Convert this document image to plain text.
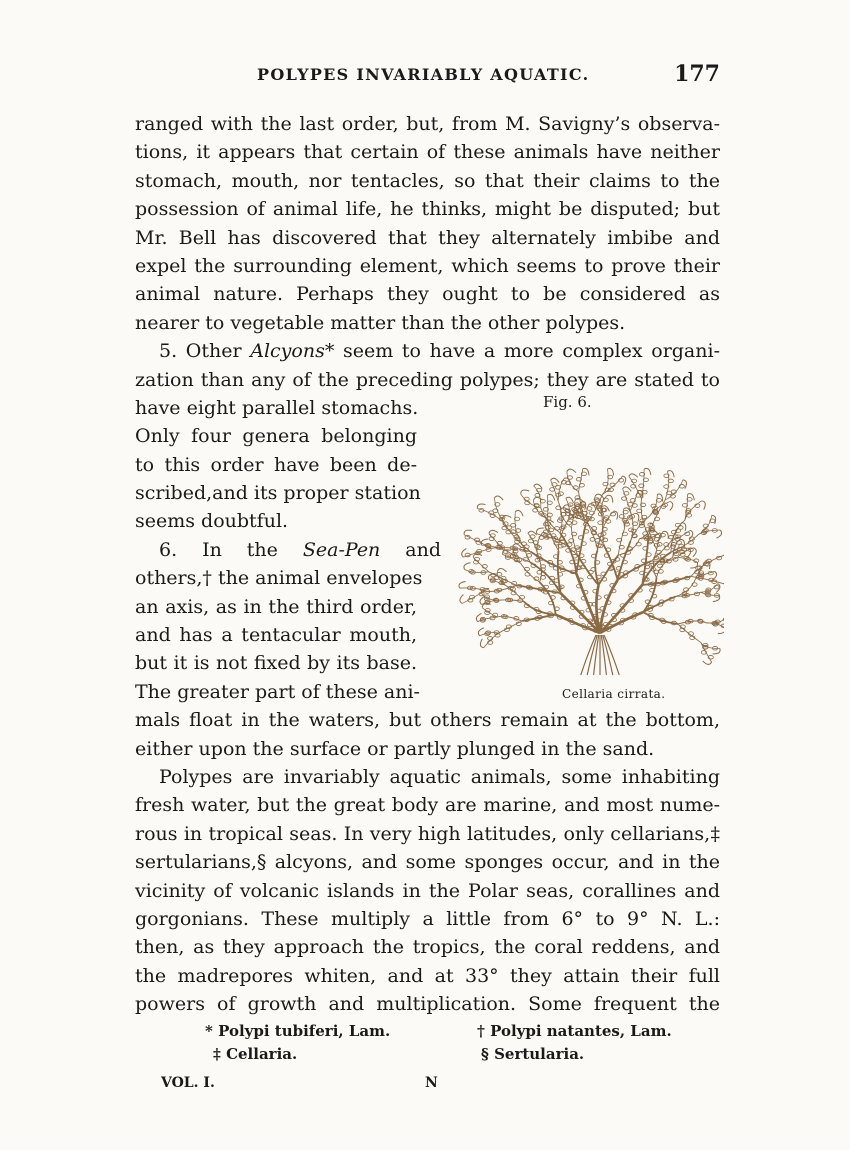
POLYPES INVARIABLY AQUATIC.	177
ranged with the last order, but, from M. Savigny’s observa-
tions, it appears that certain of these animals have neither
stomach, mouth, nor tentacles, so that their claims to the
possession of animal life, he thinks, might be disputed; but
Mr. Bell has discovered that they alternately imbibe and
expel the surrounding element, which seems to prove their
animal nature. Perhaps they ought to be considered as
nearer to vegetable matter than the other polypes.
5. Other Alcyons* seem to have a more complex organi-
zation than any of the preceding polypes; they are stated to
have eight parallel stomachs.
Only four genera belonging
to this order have been de-
scribed,and its proper station
seems doubtful.
6. In the Sea-Pen and
others,† the animal envelopes
an axis, as in the third order,
and has a tentacular mouth,
but it is not fixed by its base.
The greater part of these ani-
mals float in the waters, but others remain at the bottom,
either upon the surface or partly plunged in the sand.
Polypes are invariably aquatic animals, some inhabiting
fresh water, but the great body are marine, and most nume-
rous in tropical seas. In very high latitudes, only cellarians,‡
sertularians,§ alcyons, and some sponges occur, and in the
vicinity of volcanic islands in the Polar seas, corallines and
gorgonians. These multiply a little from 6° to 9° N. L.:
then, as they approach the tropics, the coral reddens, and
the madrepores whiten, and at 33° they attain their full
powers of growth and multiplication. Some frequent the
Fig. 6.
Cellaria cirrata.
* Polypi tubiferi, Lam.	† Polypi natantes, Lam.
‡ Cellaria.	§ Sertularia.
VOL. I.	N
